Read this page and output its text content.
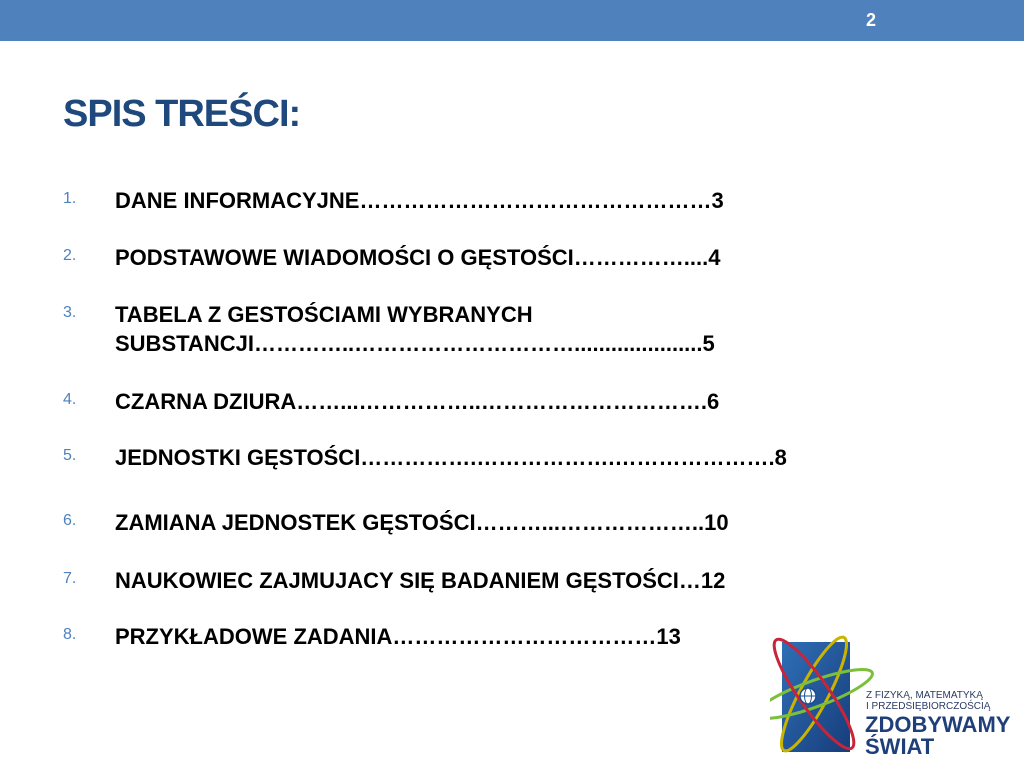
2
SPIS TREŚCI:
1. DANE INFORMACYJNE…………………………………………3
2. PODSTAWOWE WIADOMOŚCI O GĘSTOŚCI……………....4
3. TABELA Z GESTOŚCIAMI WYBRANYCH
SUBSTANCJI…………..………………………….....................5
4. CZARNA DZIURA……...……………..………………………….6
5. JEDNOSTKI GĘSTOŚCI…………….……………….………………….8
6. ZAMIANA JEDNOSTEK GĘSTOŚCI………...………………..10
7. NAUKOWIEC ZAJMUJACY SIĘ BADANIEM GĘSTOŚCI…12
8. PRZYKŁADOWE ZADANIA………………………………13
Z FIZYKĄ, MATEMATYKĄ
I PRZEDSIĘBIORCZOŚCIĄ
ZDOBYWAMY
ŚWIAT
